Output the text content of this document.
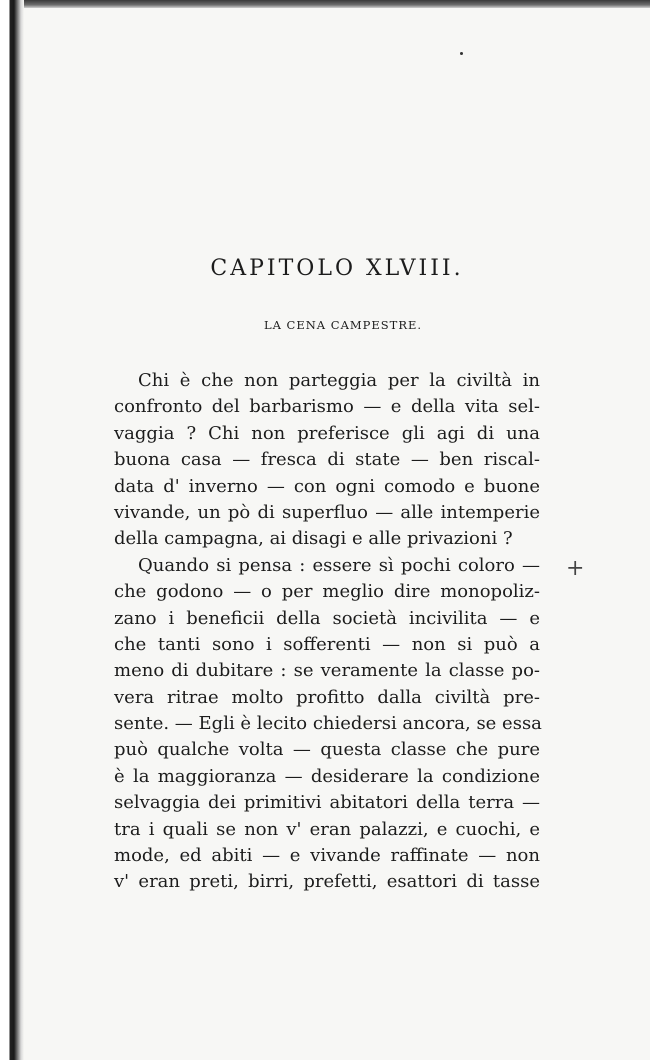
CAPITOLO XLVIII.
LA CENA CAMPESTRE.
Chi è che non parteggia per la civiltà in
confronto del barbarismo — e della vita sel-
vaggia ? Chi non preferisce gli agi di una
buona casa — fresca di state — ben riscal-
data d' inverno — con ogni comodo e buone
vivande, un pò di superfluo — alle intemperie
della campagna, ai disagi e alle privazioni ?
Quando si pensa : essere sì pochi coloro —
che godono — o per meglio dire monopoliz-
zano i beneficii della società incivilita — e
che tanti sono i sofferenti — non si può a
meno di dubitare : se veramente la classe po-
vera ritrae molto profitto dalla civiltà pre-
sente. — Egli è lecito chiedersi ancora, se essa
può qualche volta — questa classe che pure
è la maggioranza — desiderare la condizione
selvaggia dei primitivi abitatori della terra —
tra i quali se non v' eran palazzi, e cuochi, e
mode, ed abiti — e vivande raffinate — non
v' eran preti, birri, prefetti, esattori di tasse
+
